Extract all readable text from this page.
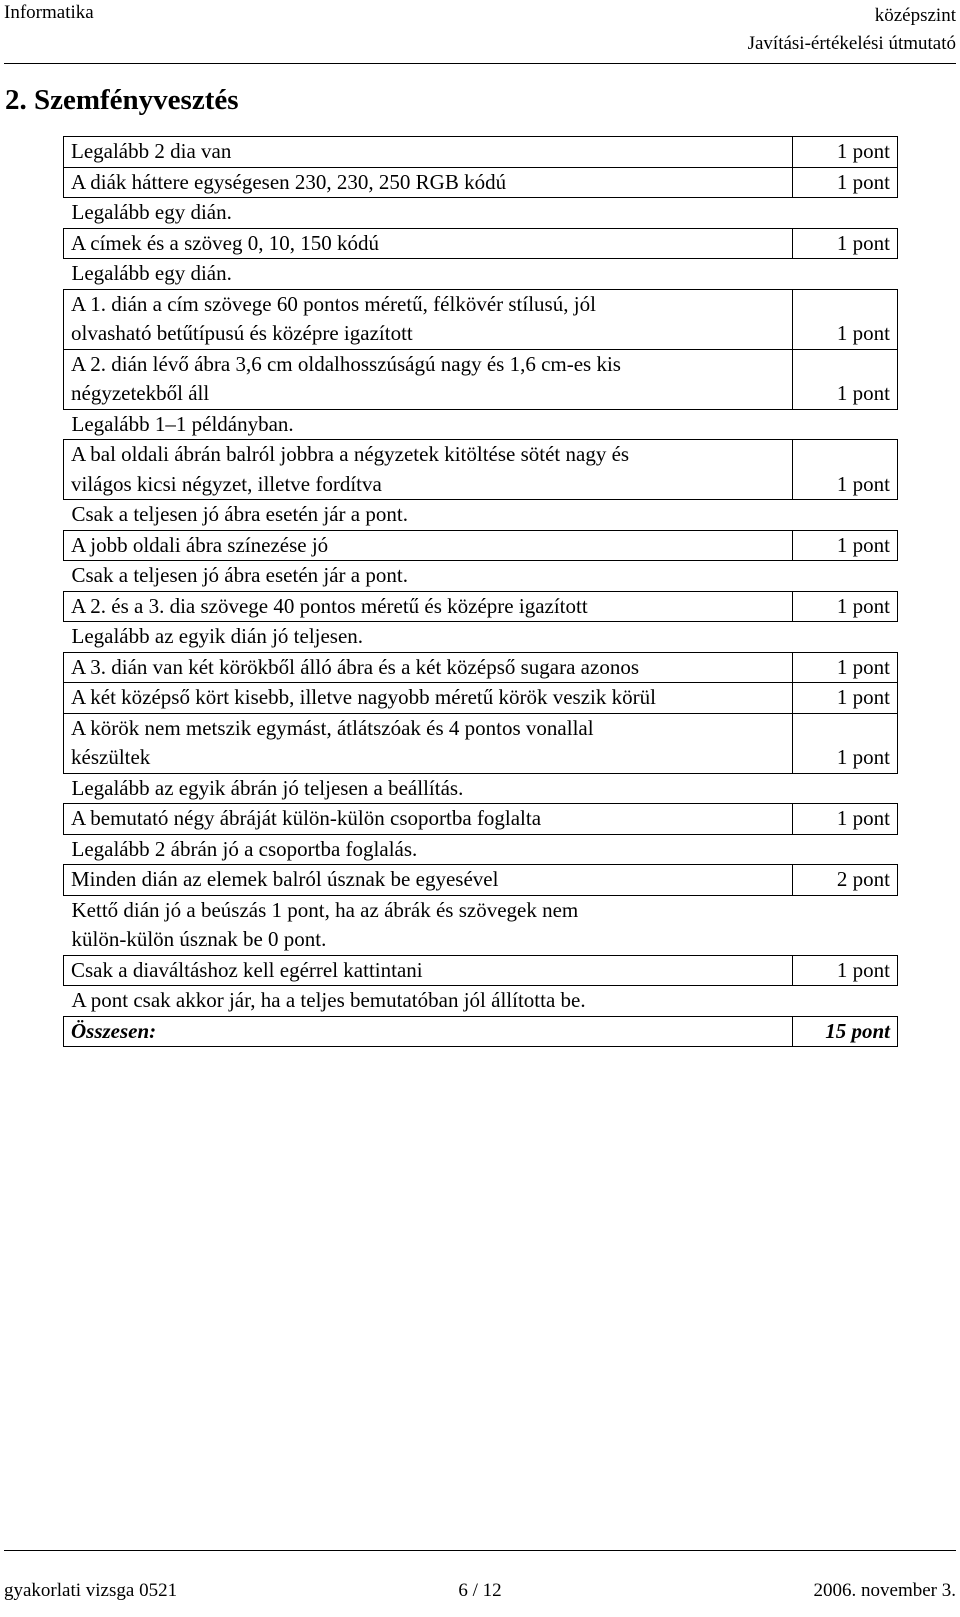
Informatika	középszint
Javítási-értékelési útmutató
2. Szemfényvesztés
Legalább 2 dia van	1 pont

A diák háttere egységesen 230, 230, 250 RGB kódú	1 pont

Legalább egy dián.	

A címek és a szöveg 0, 10, 150 kódú	1 pont

Legalább egy dián.	

A 1. dián a cím szövege 60 pontos méretű, félkövér stílusú, jól
olvasható betűtípusú és középre igazított	1 pont

A 2. dián lévő ábra 3,6 cm oldalhosszúságú nagy és 1,6 cm-es kis
négyzetekből áll	1 pont

Legalább 1–1 példányban.	

A bal oldali ábrán balról jobbra a négyzetek kitöltése sötét nagy és
világos kicsi négyzet, illetve fordítva	1 pont

Csak a teljesen jó ábra esetén jár a pont.	

A jobb oldali ábra színezése jó	1 pont

Csak a teljesen jó ábra esetén jár a pont.	

A 2. és a 3. dia szövege 40 pontos méretű és középre igazított	1 pont

Legalább az egyik dián jó teljesen.	

A 3. dián van két körökből álló ábra és a két középső sugara azonos	1 pont

A két középső kört kisebb, illetve nagyobb méretű körök veszik körül	1 pont

A körök nem metszik egymást, átlátszóak és 4 pontos vonallal
készültek	1 pont

Legalább az egyik ábrán jó teljesen a beállítás.	

A bemutató négy ábráját külön-külön csoportba foglalta	1 pont

Legalább 2 ábrán jó a csoportba foglalás.	

Minden dián az elemek balról úsznak be egyesével	2 pont

Kettő dián jó a beúszás 1 pont, ha az ábrák és szövegek nem
külön-külön úsznak be 0 pont.	

Csak a diaváltáshoz kell egérrel kattintani	1 pont

A pont csak akkor jár, ha a teljes bemutatóban jól állította be.	

Összesen:	15 pont
gyakorlati vizsga 0521	6 / 12	2006. november 3.
